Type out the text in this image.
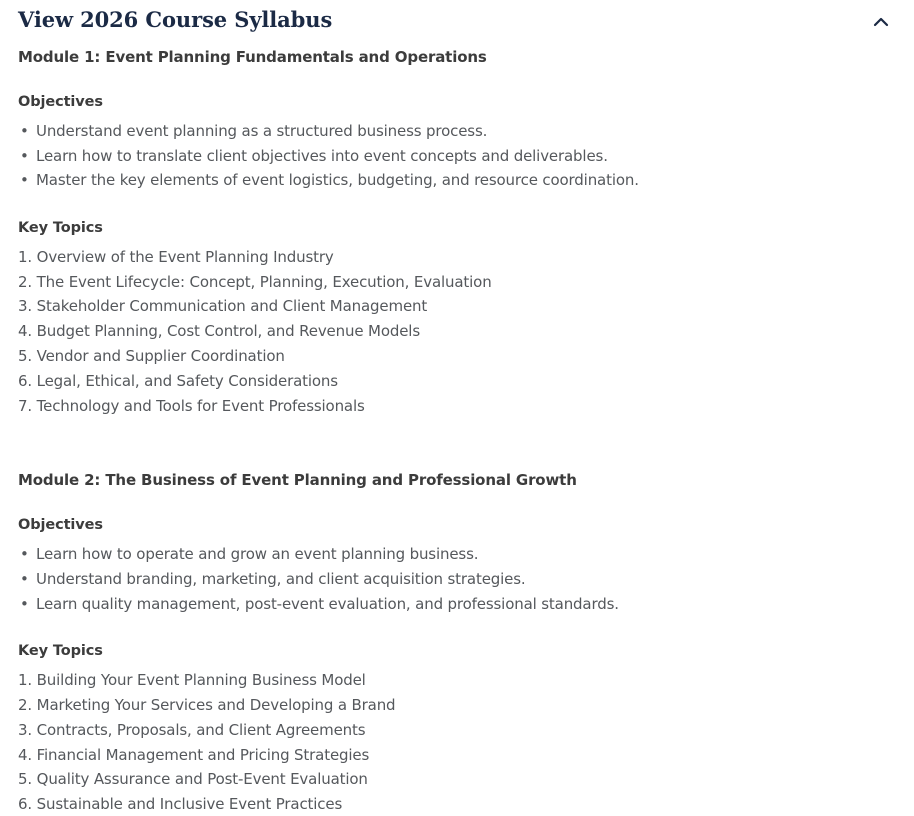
View 2026 Course Syllabus
Module 1: Event Planning Fundamentals and Operations
Objectives
• Understand event planning as a structured business process.
• Learn how to translate client objectives into event concepts and deliverables.
• Master the key elements of event logistics, budgeting, and resource coordination.
Key Topics
Overview of the Event Planning Industry
The Event Lifecycle: Concept, Planning, Execution, Evaluation
Stakeholder Communication and Client Management
Budget Planning, Cost Control, and Revenue Models
Vendor and Supplier Coordination
Legal, Ethical, and Safety Considerations
Technology and Tools for Event Professionals
Module 2: The Business of Event Planning and Professional Growth
Objectives
• Learn how to operate and grow an event planning business.
• Understand branding, marketing, and client acquisition strategies.
• Learn quality management, post-event evaluation, and professional standards.
Key Topics
Building Your Event Planning Business Model
Marketing Your Services and Developing a Brand
Contracts, Proposals, and Client Agreements
Financial Management and Pricing Strategies
Quality Assurance and Post-Event Evaluation
Sustainable and Inclusive Event Practices
